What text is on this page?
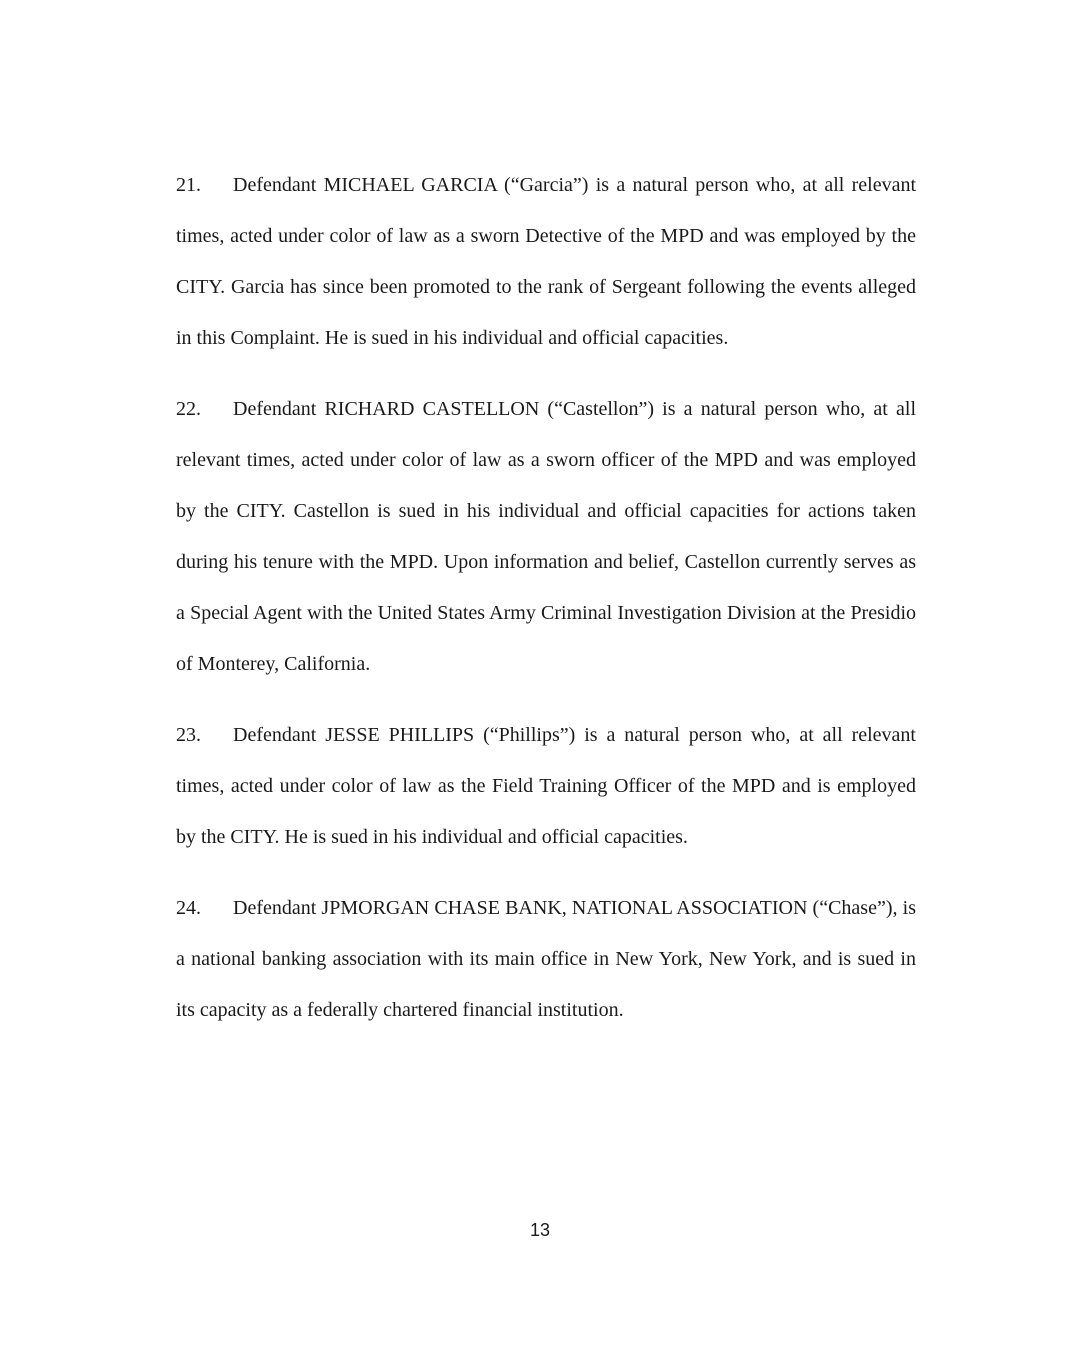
21. Defendant MICHAEL GARCIA (“Garcia”) is a natural person who, at all relevant times, acted under color of law as a sworn Detective of the MPD and was employed by the CITY. Garcia has since been promoted to the rank of Sergeant following the events alleged in this Complaint. He is sued in his individual and official capacities.

22. Defendant RICHARD CASTELLON (“Castellon”) is a natural person who, at all relevant times, acted under color of law as a sworn officer of the MPD and was employed by the CITY. Castellon is sued in his individual and official capacities for actions taken during his tenure with the MPD. Upon information and belief, Castellon currently serves as a Special Agent with the United States Army Criminal Investigation Division at the Presidio of Monterey, California.

23. Defendant JESSE PHILLIPS (“Phillips”) is a natural person who, at all relevant times, acted under color of law as the Field Training Officer of the MPD and is employed by the CITY. He is sued in his individual and official capacities.

24. Defendant JPMORGAN CHASE BANK, NATIONAL ASSOCIATION (“Chase”), is a national banking association with its main office in New York, New York, and is sued in its capacity as a federally chartered financial institution.

13
